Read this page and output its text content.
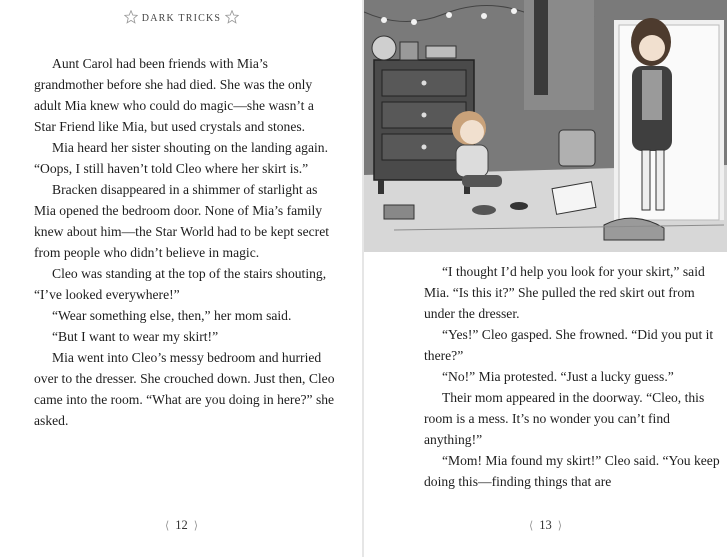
DARK TRICKS

Aunt Carol had been friends with Mia’s grandmother before she had died. She was the only adult Mia knew who could do magic—she wasn’t a Star Friend like Mia, but used crystals and stones.

Mia heard her sister shouting on the landing again. “Oops, I still haven’t told Cleo where her skirt is.”

Bracken disappeared in a shimmer of starlight as Mia opened the bedroom door. None of Mia’s family knew about him—the Star World had to be kept secret from people who didn’t believe in magic.

Cleo was standing at the top of the stairs shouting, “I’ve looked everywhere!”

“Wear something else, then,” her mom said.

“But I want to wear my skirt!”

Mia went into Cleo’s messy bedroom and hurried over to the dresser. She crouched down. Just then, Cleo came into the room. “What are you doing in here?” she asked.

⟨ 12 ⟩

“I thought I’d help you look for your skirt,” said Mia. “Is this it?” She pulled the red skirt out from under the dresser.

“Yes!” Cleo gasped. She frowned. “Did you put it there?”

“No!” Mia protested. “Just a lucky guess.”

Their mom appeared in the doorway. “Cleo, this room is a mess. It’s no wonder you can’t find anything!”

“Mom! Mia found my skirt!” Cleo said. “You keep doing this—finding things that are

⟨ 13 ⟩
